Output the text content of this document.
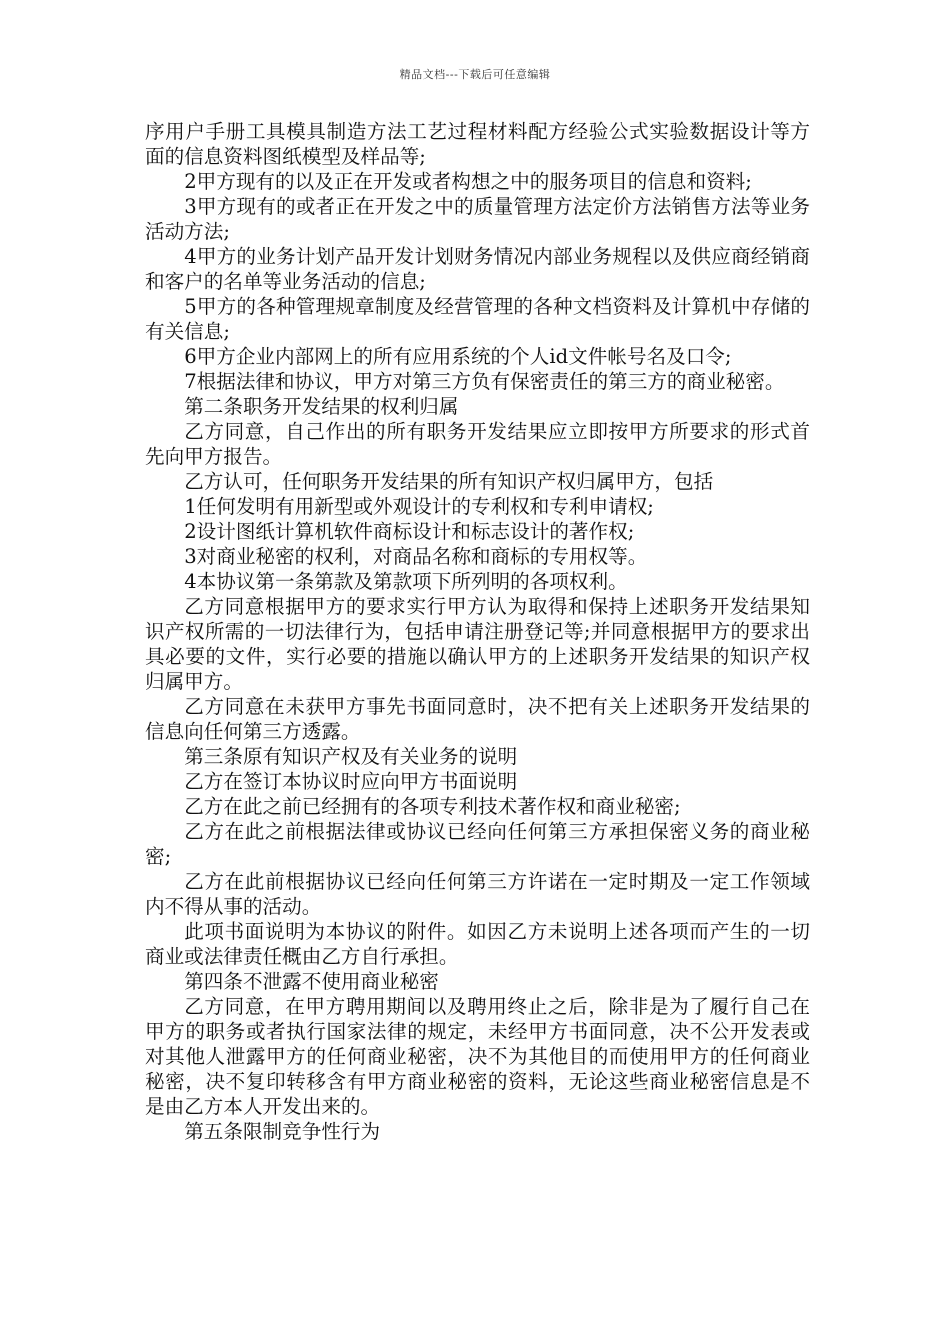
精品文档---下载后可任意编辑

序用户手册工具模具制造方法工艺过程材料配方经验公式实验数据设计等方面的信息资料图纸模型及样品等;

2甲方现有的以及正在开发或者构想之中的服务项目的信息和资料;

3甲方现有的或者正在开发之中的质量管理方法定价方法销售方法等业务活动方法;

4甲方的业务计划产品开发计划财务情况内部业务规程以及供应商经销商和客户的名单等业务活动的信息;

5甲方的各种管理规章制度及经营管理的各种文档资料及计算机中存储的有关信息;

6甲方企业内部网上的所有应用系统的个人id文件帐号名及口令;

7根据法律和协议，甲方对第三方负有保密责任的第三方的商业秘密。

第二条职务开发结果的权利归属

乙方同意，自己作出的所有职务开发结果应立即按甲方所要求的形式首先向甲方报告。

乙方认可，任何职务开发结果的所有知识产权归属甲方，包括

1任何发明有用新型或外观设计的专利权和专利申请权;

2设计图纸计算机软件商标设计和标志设计的著作权;

3对商业秘密的权利，对商品名称和商标的专用权等。

4本协议第一条第款及第款项下所列明的各项权利。

乙方同意根据甲方的要求实行甲方认为取得和保持上述职务开发结果知识产权所需的一切法律行为，包括申请注册登记等;并同意根据甲方的要求出具必要的文件，实行必要的措施以确认甲方的上述职务开发结果的知识产权归属甲方。

乙方同意在未获甲方事先书面同意时，决不把有关上述职务开发结果的信息向任何第三方透露。

第三条原有知识产权及有关业务的说明

乙方在签订本协议时应向甲方书面说明

乙方在此之前已经拥有的各项专利技术著作权和商业秘密;

乙方在此之前根据法律或协议已经向任何第三方承担保密义务的商业秘密;

乙方在此前根据协议已经向任何第三方许诺在一定时期及一定工作领域内不得从事的活动。

此项书面说明为本协议的附件。如因乙方未说明上述各项而产生的一切商业或法律责任概由乙方自行承担。

第四条不泄露不使用商业秘密

乙方同意，在甲方聘用期间以及聘用终止之后，除非是为了履行自己在甲方的职务或者执行国家法律的规定，未经甲方书面同意，决不公开发表或对其他人泄露甲方的任何商业秘密，决不为其他目的而使用甲方的任何商业秘密，决不复印转移含有甲方商业秘密的资料，无论这些商业秘密信息是不是由乙方本人开发出来的。

第五条限制竞争性行为
